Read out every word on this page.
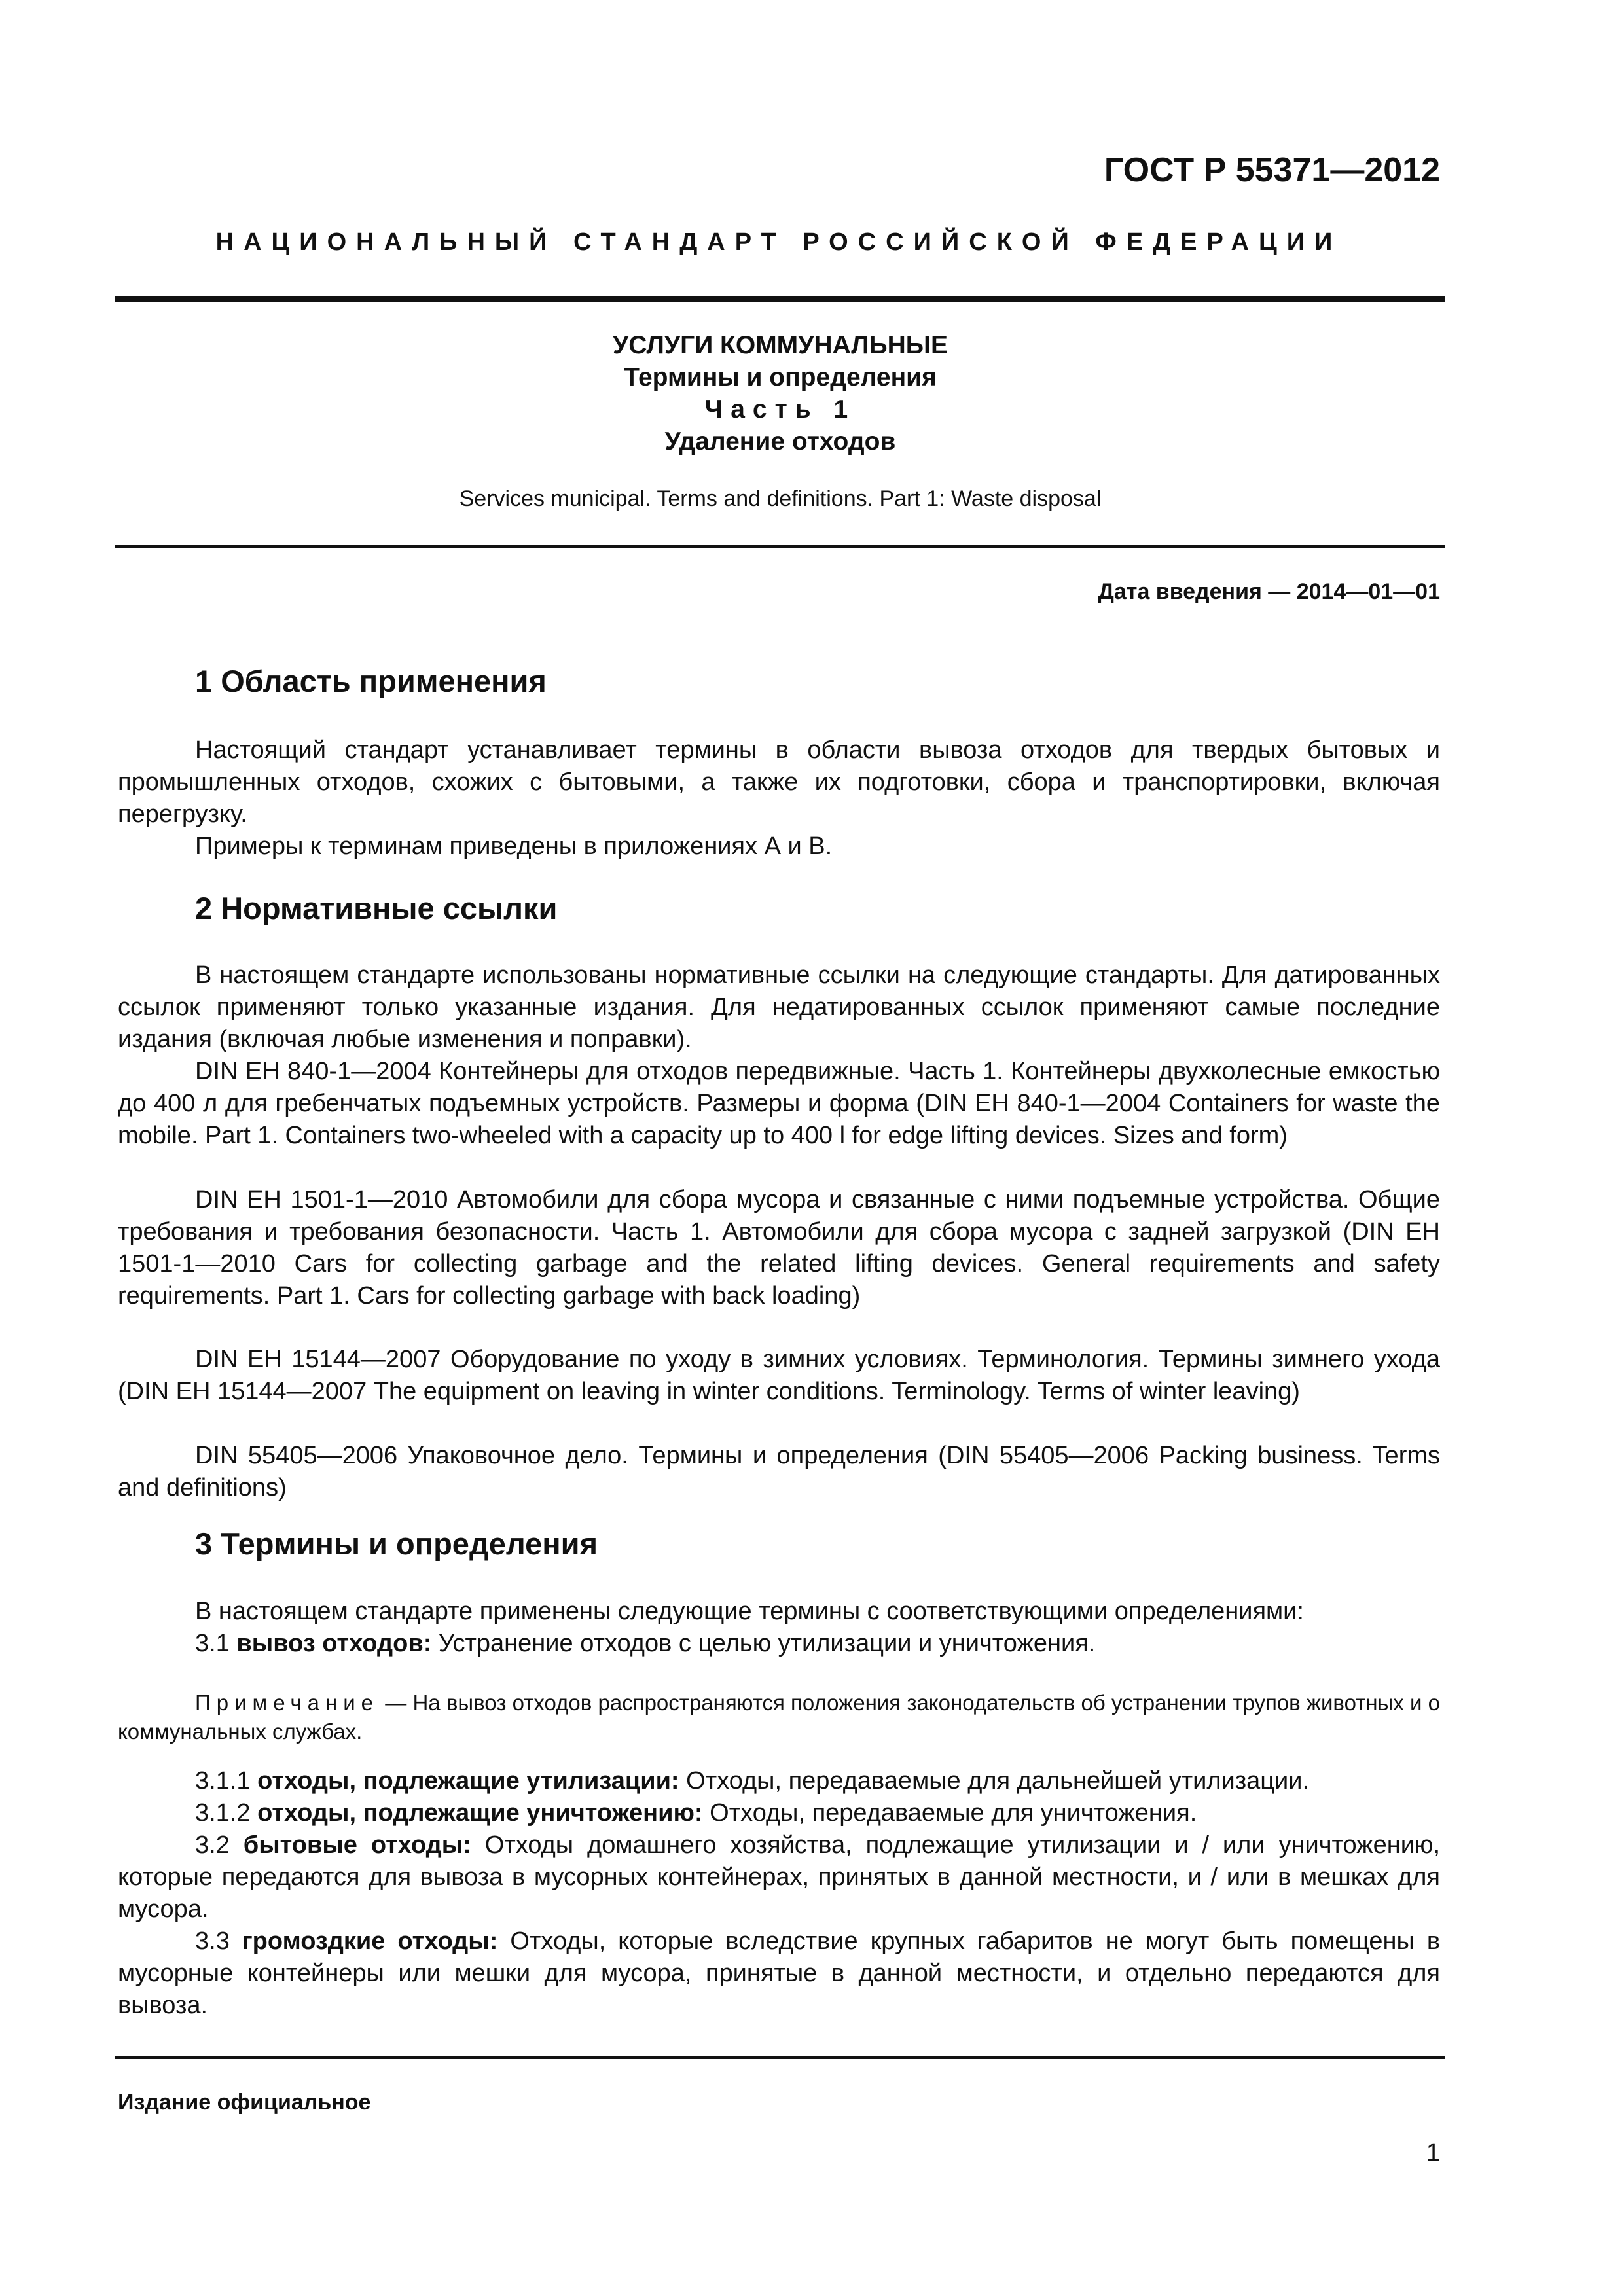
ГОСТ Р 55371—2012
НАЦИОНАЛЬНЫЙ СТАНДАРТ РОССИЙСКОЙ ФЕДЕРАЦИИ
УСЛУГИ КОММУНАЛЬНЫЕ
Термины и определения
Часть 1
Удаление отходов
Services municipal. Terms and definitions. Part 1: Waste disposal
Дата введения — 2014—01—01
1 Область применения
Настоящий стандарт устанавливает термины в области вывоза отходов для твердых бытовых и промышленных отходов, схожих с бытовыми, а также их подготовки, сбора и транспортировки, включая перегрузку.
Примеры к терминам приведены в приложениях А и В.
2 Нормативные ссылки
В настоящем стандарте использованы нормативные ссылки на следующие стандарты. Для датированных ссылок применяют только указанные издания. Для недатированных ссылок применяют самые последние издания (включая любые изменения и поправки).
DIN ЕН 840-1—2004 Контейнеры для отходов передвижные. Часть 1. Контейнеры двухколесные емкостью до 400 л для гребенчатых подъемных устройств. Размеры и форма (DIN ЕН 840-1—2004 Containers for waste the mobile. Part 1. Containers two-wheeled with a capacity up to 400 l for edge lifting devices. Sizes and form)
DIN ЕН 1501-1—2010 Автомобили для сбора мусора и связанные с ними подъемные устройства. Общие требования и требования безопасности. Часть 1. Автомобили для сбора мусора с задней загрузкой (DIN ЕН 1501-1—2010 Cars for collecting garbage and the related lifting devices. General requirements and safety requirements. Part 1. Cars for collecting garbage with back loading)
DIN ЕН 15144—2007 Оборудование по уходу в зимних условиях. Терминология. Термины зимнего ухода (DIN ЕН 15144—2007 The equipment on leaving in winter conditions. Terminology. Terms of winter leaving)
DIN 55405—2006 Упаковочное дело. Термины и определения (DIN 55405—2006 Packing business. Terms and definitions)
3 Термины и определения
В настоящем стандарте применены следующие термины с соответствующими определениями:
3.1 вывоз отходов: Устранение отходов с целью утилизации и уничтожения.
Примечание — На вывоз отходов распространяются положения законодательств об устранении трупов животных и о коммунальных службах.
3.1.1 отходы, подлежащие утилизации: Отходы, передаваемые для дальнейшей утилизации.
3.1.2 отходы, подлежащие уничтожению: Отходы, передаваемые для уничтожения.
3.2 бытовые отходы: Отходы домашнего хозяйства, подлежащие утилизации и / или уничтожению, которые передаются для вывоза в мусорных контейнерах, принятых в данной местности, и / или в мешках для мусора.
3.3 громоздкие отходы: Отходы, которые вследствие крупных габаритов не могут быть помещены в мусорные контейнеры или мешки для мусора, принятые в данной местности, и отдельно передаются для вывоза.
Издание официальное
1
